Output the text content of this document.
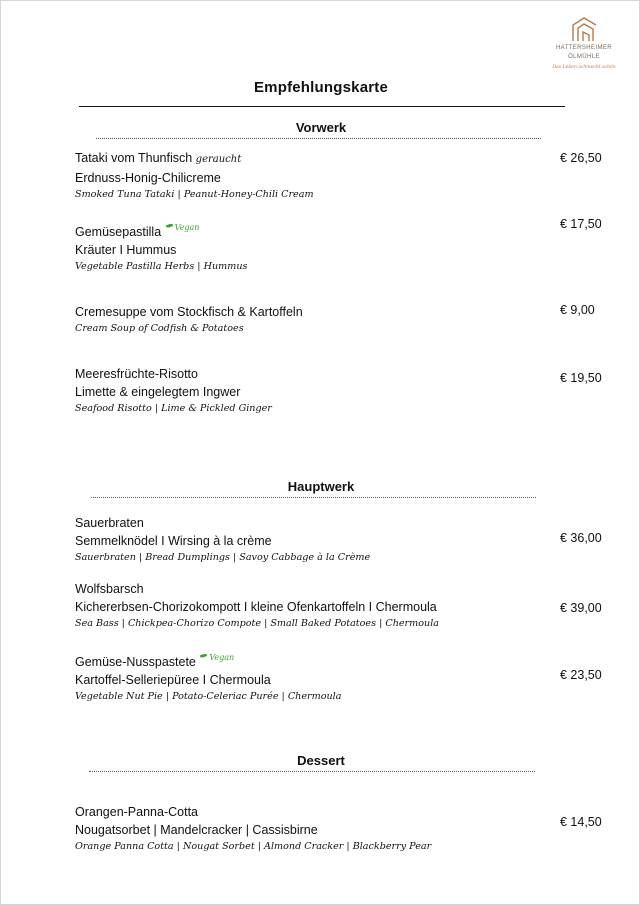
HATTERSHEIMER
ÖLMÜHLE
Das Leben schmeckt schön
Empfehlungskarte
Vorwerk
Tataki vom Thunfisch geraucht
Erdnuss-Honig-Chilicreme
Smoked Tuna Tataki | Peanut-Honey-Chili Cream
€ 26,50
Gemüsepastilla Vegan
Kräuter I Hummus
Vegetable Pastilla Herbs | Hummus
€ 17,50
Cremesuppe vom Stockfisch & Kartoffeln
Cream Soup of Codfish & Potatoes
€ 9,00
Meeresfrüchte-Risotto
Limette & eingelegtem Ingwer
Seafood Risotto | Lime & Pickled Ginger
€ 19,50
Hauptwerk
Sauerbraten
Semmelknödel I Wirsing à la crème
Sauerbraten | Bread Dumplings | Savoy Cabbage à la Crème
€ 36,00
Wolfsbarsch
Kichererbsen-Chorizokompott I kleine Ofenkartoffeln I Chermoula
Sea Bass | Chickpea-Chorizo Compote | Small Baked Potatoes | Chermoula
€ 39,00
Gemüse-Nusspastete Vegan
Kartoffel-Selleriepüree I Chermoula
Vegetable Nut Pie | Potato-Celeriac Purée | Chermoula
€ 23,50
Dessert
Orangen-Panna-Cotta
Nougatsorbet | Mandelcracker | Cassisbirne
Orange Panna Cotta | Nougat Sorbet | Almond Cracker | Blackberry Pear
€ 14,50
